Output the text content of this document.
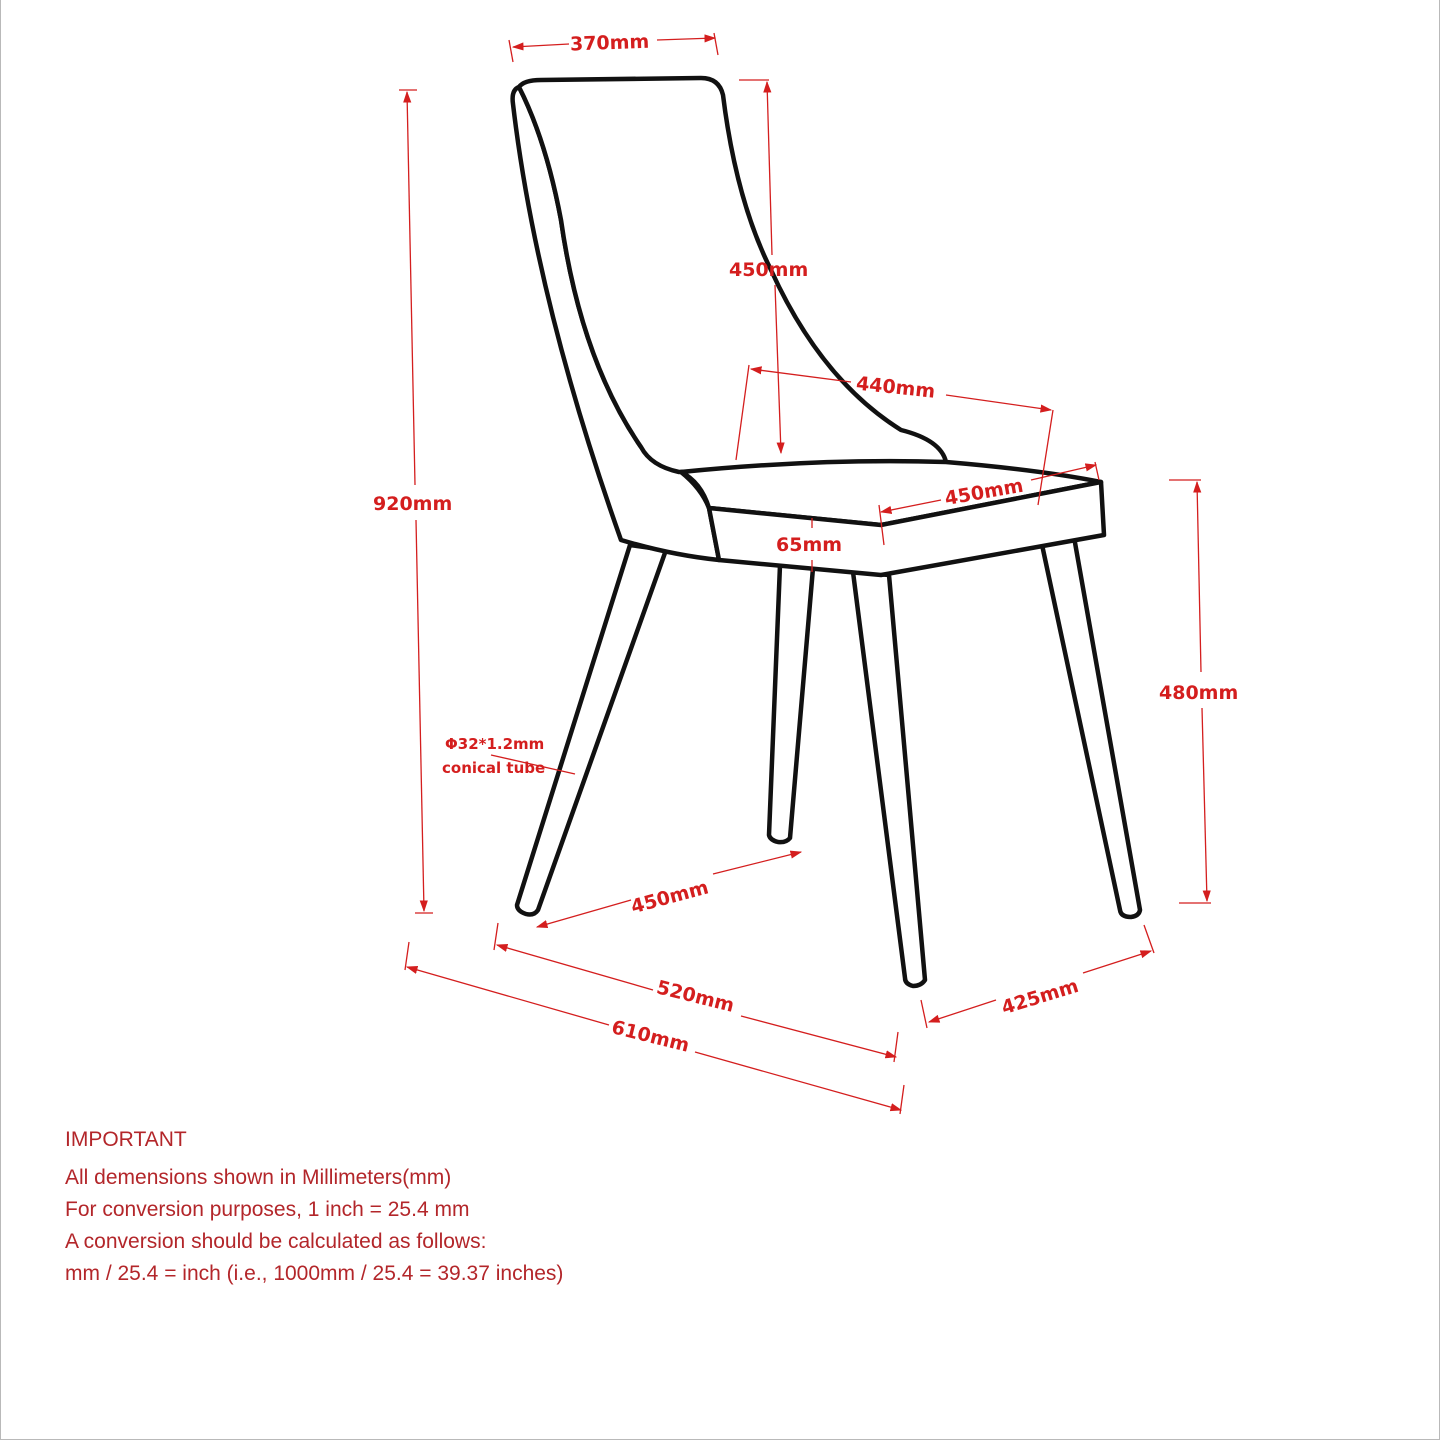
370mm
450mm
440mm
450mm
65mm
920mm
480mm
Φ32*1.2mm
conical tube
450mm
425mm
520mm
610mm
IMPORTANT
All demensions shown in Millimeters(mm)
For conversion purposes, 1 inch = 25.4 mm
A conversion should be calculated as follows:
mm / 25.4 = inch (i.e., 1000mm / 25.4 = 39.37 inches)
